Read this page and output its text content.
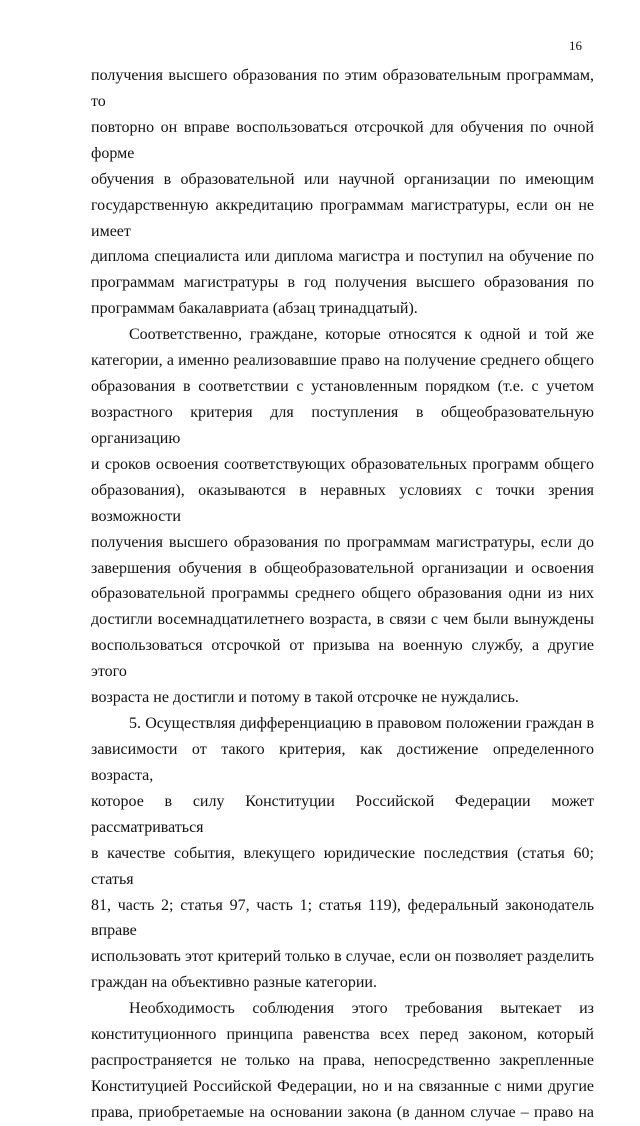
16

получения высшего образования по этим образовательным программам, то

повторно он вправе воспользоваться отсрочкой для обучения по очной форме

обучения в образовательной или научной организации по имеющим

государственную аккредитацию программам магистратуры, если он не имеет

диплома специалиста или диплома магистра и поступил на обучение по

программам магистратуры в год получения высшего образования по

программам бакалавриата (абзац тринадцатый).

Соответственно, граждане, которые относятся к одной и той же

категории, а именно реализовавшие право на получение среднего общего

образования в соответствии с установленным порядком (т.е. с учетом

возрастного критерия для поступления в общеобразовательную организацию

и сроков освоения соответствующих образовательных программ общего

образования), оказываются в неравных условиях с точки зрения возможности

получения высшего образования по программам магистратуры, если до

завершения обучения в общеобразовательной организации и освоения

образовательной программы среднего общего образования одни из них

достигли восемнадцатилетнего возраста, в связи с чем были вынуждены

воспользоваться отсрочкой от призыва на военную службу, а другие этого

возраста не достигли и потому в такой отсрочке не нуждались.

5. Осуществляя дифференциацию в правовом положении граждан в

зависимости от такого критерия, как достижение определенного возраста,

которое в силу Конституции Российской Федерации может рассматриваться

в качестве события, влекущего юридические последствия (статья 60; статья

81, часть 2; статья 97, часть 1; статья 119), федеральный законодатель вправе

использовать этот критерий только в случае, если он позволяет разделить

граждан на объективно разные категории.

Необходимость соблюдения этого требования вытекает из

конституционного принципа равенства всех перед законом, который

распространяется не только на права, непосредственно закрепленные

Конституцией Российской Федерации, но и на связанные с ними другие

права, приобретаемые на основании закона (в данном случае – право на
